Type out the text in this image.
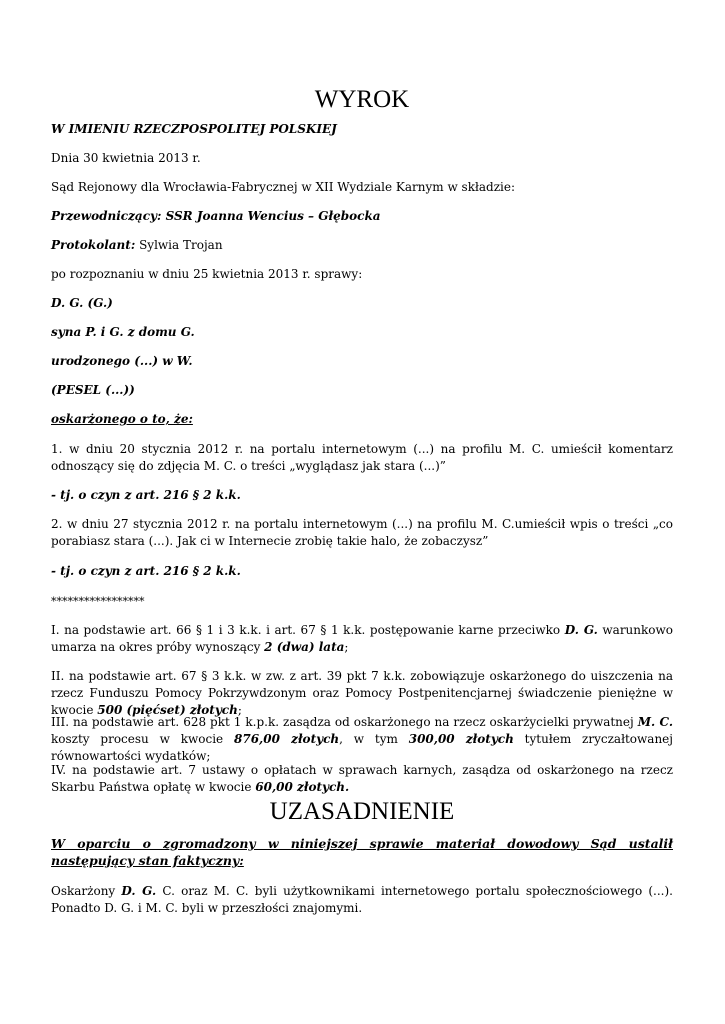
WYROK
W IMIENIU RZECZPOSPOLITEJ POLSKIEJ
Dnia 30 kwietnia 2013 r.
Sąd Rejonowy dla Wrocławia-Fabrycznej w XII Wydziale Karnym w składzie:
Przewodniczący: SSR Joanna Wencius – Głębocka
Protokolant: Sylwia Trojan
po rozpoznaniu w dniu 25 kwietnia 2013 r. sprawy:
D. G. (G.)
syna P. i G. z domu G.
urodzonego (...) w W.
(PESEL (...))
oskarżonego o to, że:
1. w dniu 20 stycznia 2012 r. na portalu internetowym (...) na profilu M. C. umieścił komentarz odnoszący się do zdjęcia M. C. o treści „wyglądasz jak stara (...)”
- tj. o czyn z art. 216 § 2 k.k.
2. w dniu 27 stycznia 2012 r. na portalu internetowym (...) na profilu M. C.umieścił wpis o treści „co porabiasz stara (...). Jak ci w Internecie zrobię takie halo, że zobaczysz”
- tj. o czyn z art. 216 § 2 k.k.
*****************
I. na podstawie art. 66 § 1 i 3 k.k. i art. 67 § 1 k.k. postępowanie karne przeciwko D. G. warunkowo umarza na okres próby wynoszący 2 (dwa) lata;
II. na podstawie art. 67 § 3 k.k. w zw. z art. 39 pkt 7 k.k. zobowiązuje oskarżonego do uiszczenia na rzecz Funduszu Pomocy Pokrzywdzonym oraz Pomocy Postpenitencjarnej świadczenie pieniężne w kwocie 500 (pięćset) złotych;
III. na podstawie art. 628 pkt 1 k.p.k. zasądza od oskarżonego na rzecz oskarżycielki prywatnej M. C. koszty procesu w kwocie 876,00 złotych, w tym 300,00 złotych tytułem zryczałtowanej równowartości wydatków;
IV. na podstawie art. 7 ustawy o opłatach w sprawach karnych, zasądza od oskarżonego na rzecz Skarbu Państwa opłatę w kwocie 60,00 złotych.
UZASADNIENIE
W oparciu o zgromadzony w niniejszej sprawie materiał dowodowy Sąd ustalił następujący stan faktyczny:
Oskarżony D. G. C. oraz M. C. byli użytkownikami internetowego portalu społecznościowego (...). Ponadto D. G. i M. C. byli w przeszłości znajomymi.
